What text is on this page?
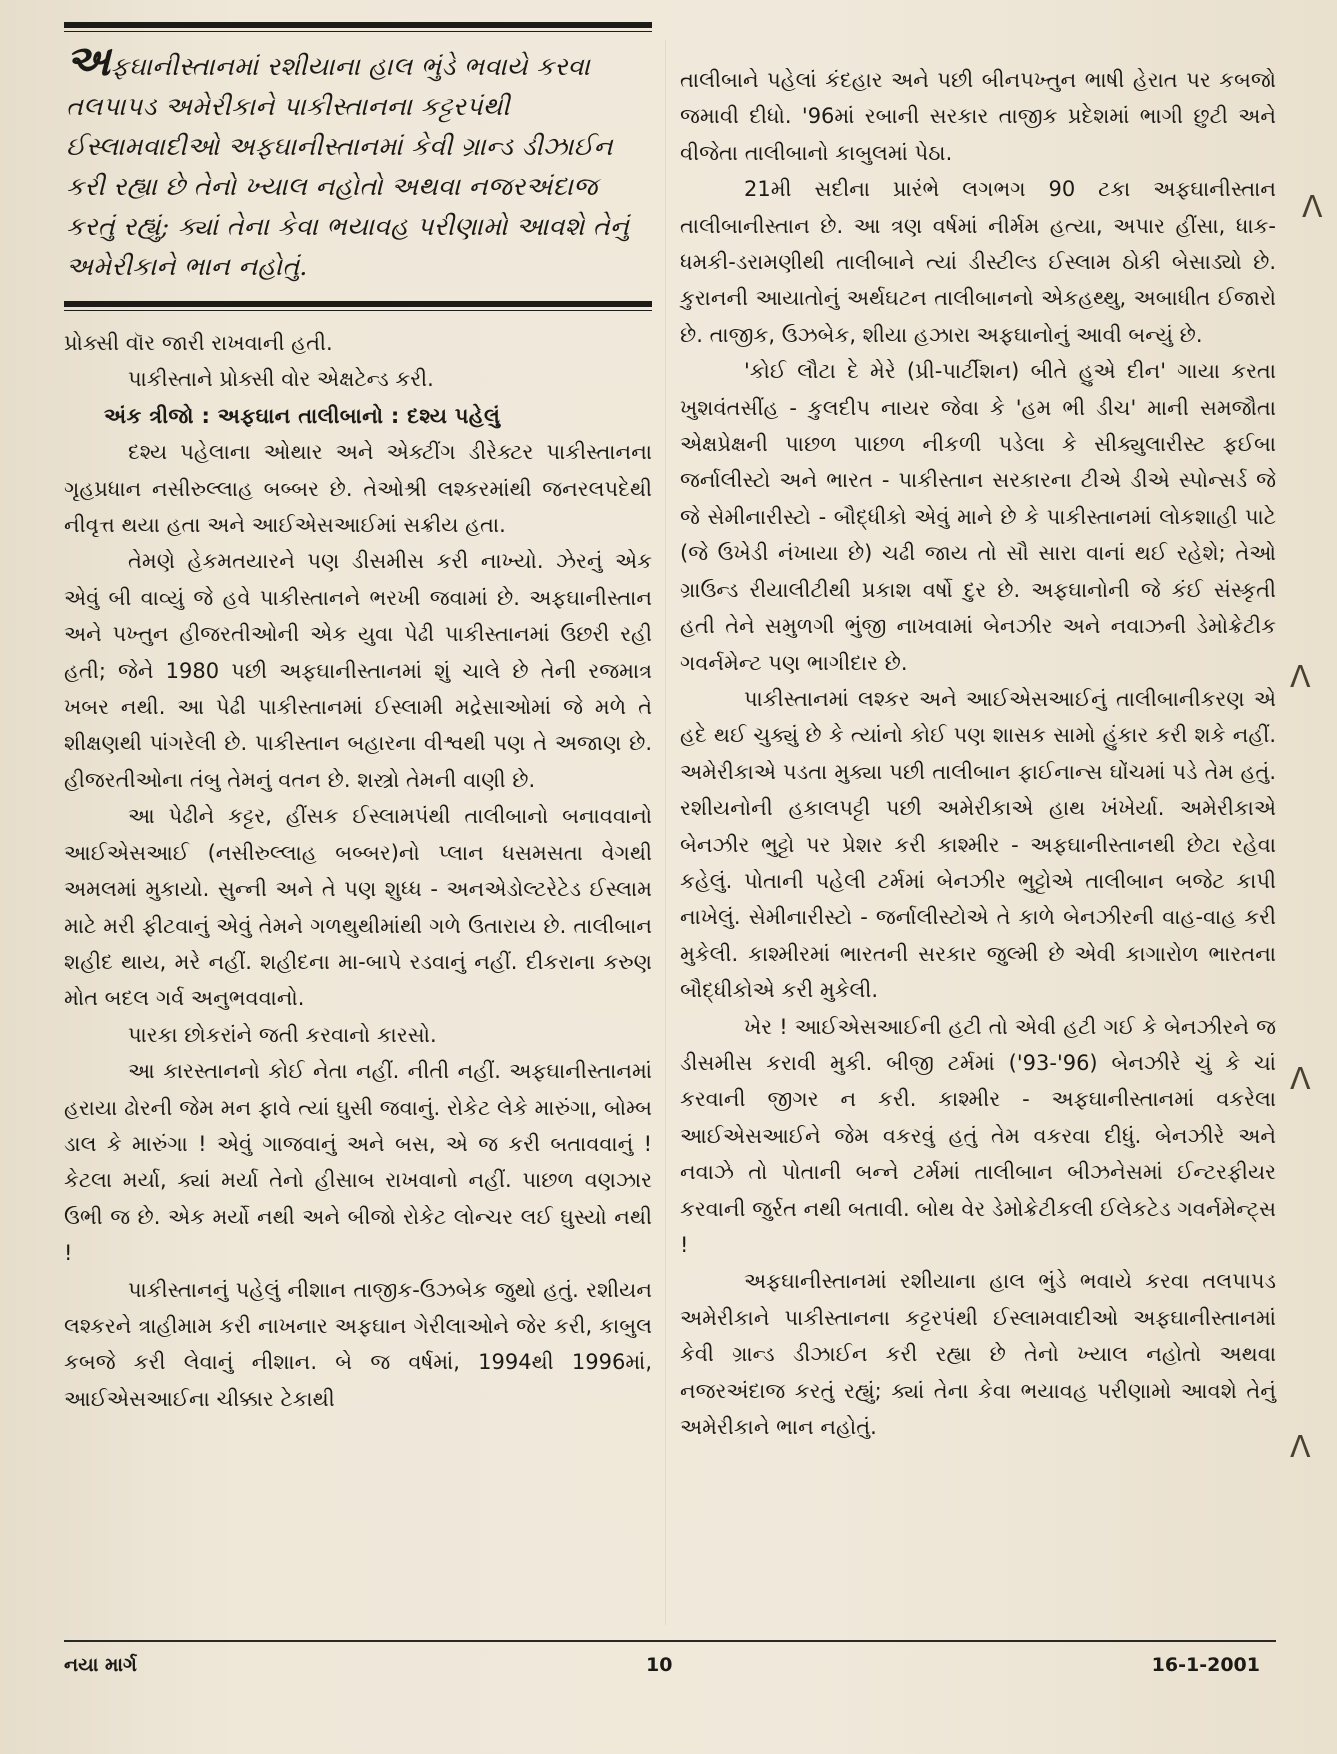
અફઘાનીસ્તાનમાં રશીયાના હાલ ભુંડે ભવાયે કરવા તલપાપડ અમેરીકાને પાકીસ્તાનના કટ્ટરપંથી ઈસ્લામવાદીઓ અફઘાનીસ્તાનમાં કેવી ગ્રાન્ડ ડીઝાઈન કરી રહ્યા છે તેનો ખ્યાલ નહોતો અથવા નજરઅંદાજ કરતું રહ્યું; ક્યાં તેના કેવા ભયાવહ પરીણામો આવશે તેનું અમેરીકાને ભાન નહોતું.

પ્રોક્સી વૉર જારી રાખવાની હતી.

પાકીસ્તાને પ્રોક્સી વોર એક્ષટેન્ડ કરી.

અંક ત્રીજો : અફઘાન તાલીબાનો : દશ્ય પહેલું

દશ્ય પહેલાના ઓથાર અને એક્ટીંગ ડીરેક્ટર પાકીસ્તાનના ગૃહપ્રધાન નસીરુલ્લાહ બબ્બર છે. તેઓશ્રી લશ્કરમાંથી જનરલપદેથી નીવૃત્ત થયા હતા અને આઈએસઆઈમાં સક્રીય હતા.

તેમણે હેકમતયારને પણ ડીસમીસ કરી નાખ્યો. ઝેરનું એક એવું બી વાવ્યું જે હવે પાકીસ્તાનને ભરખી જવામાં છે. અફઘાનીસ્તાન અને પખ્તુન હીજરતીઓની એક યુવા પેઢી પાકીસ્તાનમાં ઉછરી રહી હતી; જેને 1980 પછી અફઘાનીસ્તાનમાં શું ચાલે છે તેની રજમાત્ર ખબર નથી. આ પેઢી પાકીસ્તાનમાં ઈસ્લામી મદ્રેસાઓમાં જે મળે તે શીક્ષણથી પાંગરેલી છે. પાકીસ્તાન બહારના વીશ્વથી પણ તે અજાણ છે. હીજરતીઓના તંબુ તેમનું વતન છે. શસ્ત્રો તેમની વાણી છે.

આ પેઢીને કટ્ટર, હીંસક ઈસ્લામપંથી તાલીબાનો બનાવવાનો આઈએસઆઈ (નસીરુલ્લાહ બબ્બર)નો પ્લાન ધસમસતા વેગથી અમલમાં મુકાયો. સુન્ની અને તે પણ શુધ્ધ - અનએડોલ્ટરેટેડ ઈસ્લામ માટે મરી ફીટવાનું એવું તેમને ગળથુથીમાંથી ગળે ઉતારાય છે. તાલીબાન શહીદ થાય, મરે નહીં. શહીદના મા-બાપે રડવાનું નહીં. દીકરાના કરુણ મોત બદલ ગર્વ અનુભવવાનો.

પારકા છોકરાંને જતી કરવાનો કારસો.

આ કારસ્તાનનો કોઈ નેતા નહીં. નીતી નહીં. અફઘાનીસ્તાનમાં હરાયા ઢોરની જેમ મન ફાવે ત્યાં ઘુસી જવાનું. રોકેટ લેકે મારુંગા, બોમ્બ ડાલ કે મારુંગા ! એવું ગાજવાનું અને બસ, એ જ કરી બતાવવાનું ! કેટલા મર્યા, ક્યાં મર્યા તેનો હીસાબ રાખવાનો નહીં. પાછળ વણઝાર ઉભી જ છે. એક મર્યો નથી અને બીજો રોકેટ લોન્ચર લઈ ઘુસ્યો નથી !

પાકીસ્તાનનું પહેલું નીશાન તાજીક-ઉઝબેક જુથો હતું. રશીયન લશ્કરને ત્રાહીમામ કરી નાખનાર અફઘાન ગેરીલાઓને જેર કરી, કાબુલ કબજે કરી લેવાનું નીશાન. બે જ વર્ષમાં, 1994થી 1996માં, આઈએસઆઈના ચીક્કાર ટેકાથી

તાલીબાને પહેલાં કંદહાર અને પછી બીનપખ્તુન ભાષી હેરાત પર કબજો જમાવી દીધો. '96માં રબાની સરકાર તાજીક પ્રદેશમાં ભાગી છુટી અને વીજેતા તાલીબાનો કાબુલમાં પેઠા.

21મી સદીના પ્રારંભે લગભગ 90 ટકા અફઘાનીસ્તાન તાલીબાનીસ્તાન છે. આ ત્રણ વર્ષમાં નીર્મમ હત્યા, અપાર હીંસા, ધાક-ધમકી-ડરામણીથી તાલીબાને ત્યાં ડીસ્ટીલ્ડ ઈસ્લામ ઠોકી બેસાડ્યો છે. કુરાનની આયાતોનું અર્થઘટન તાલીબાનનો એકહથ્થુ, અબાધીત ઈજારો છે. તાજીક, ઉઝબેક, શીયા હઝારા અફઘાનોનું આવી બન્યું છે.

'કોઈ લૌટા દે મેરે (પ્રી-પાર્ટીશન) બીતે હુએ દીન' ગાયા કરતા ખુશવંતસીંહ - કુલદીપ નાયર જેવા કે 'હમ ભી ડીચ' માની સમજૌતા એક્ષપ્રેક્ષની પાછળ પાછળ નીકળી પડેલા કે સીક્યુલારીસ્ટ ફઈબા જર્નાલીસ્ટો અને ભારત - પાકીસ્તાન સરકારના ટીએ ડીએ સ્પોન્સર્ડ જે જે સેમીનારીસ્ટો - બૌદ્ધીકો એવું માને છે કે પાકીસ્તાનમાં લોકશાહી પાટે (જે ઉખેડી નંખાયા છે) ચઢી જાય તો સૌ સારા વાનાં થઈ રહેશે; તેઓ ગ્રાઉન્ડ રીયાલીટીથી પ્રકાશ વર્ષો દુર છે. અફઘાનોની જે કંઈ સંસ્કૃતી હતી તેને સમુળગી ભુંજી નાખવામાં બેનઝીર અને નવાઝની ડેમોક્રેટીક ગવર્નમેન્ટ પણ ભાગીદાર છે.

પાકીસ્તાનમાં લશ્કર અને આઈએસઆઈનું તાલીબાનીકરણ એ હદે થઈ ચુક્યું છે કે ત્યાંનો કોઈ પણ શાસક સામો હુંકાર કરી શકે નહીં. અમેરીકાએ પડતા મુક્યા પછી તાલીબાન ફાઈનાન્સ ઘોંચમાં પડે તેમ હતું. રશીયનોની હકાલપટ્ટી પછી અમેરીકાએ હાથ ખંખેર્યા. અમેરીકાએ બેનઝીર ભુટ્ટો પર પ્રેશર કરી કાશ્મીર - અફઘાનીસ્તાનથી છેટા રહેવા કહેલું. પોતાની પહેલી ટર્મમાં બેનઝીર ભુટ્ટોએ તાલીબાન બજેટ કાપી નાખેલું. સેમીનારીસ્ટો - જર્નાલીસ્ટોએ તે કાળે બેનઝીરની વાહ-વાહ કરી મુકેલી. કાશ્મીરમાં ભારતની સરકાર જુલ્મી છે એવી કાગારોળ ભારતના બૌદ્ધીકોએ કરી મુકેલી.

ખેર ! આઈએસઆઈની હટી તો એવી હટી ગઈ કે બેનઝીરને જ ડીસમીસ કરાવી મુકી. બીજી ટર્મમાં ('93-'96) બેનઝીરે ચું કે ચાં કરવાની જીગર ન કરી. કાશ્મીર - અફઘાનીસ્તાનમાં વકરેલા આઈએસઆઈને જેમ વકરવું હતું તેમ વકરવા દીધું. બેનઝીરે અને નવાઝે તો પોતાની બન્ને ટર્મમાં તાલીબાન બીઝનેસમાં ઈન્ટરફીયર કરવાની જુર્રત નથી બતાવી. બોથ વેર ડેમોક્રેટીકલી ઈલેકટેડ ગવર્નમેન્ટ્સ !

અફઘાનીસ્તાનમાં રશીયાના હાલ ભુંડે ભવાયે કરવા તલપાપડ અમેરીકાને પાકીસ્તાનના કટ્ટરપંથી ઈસ્લામવાદીઓ અફઘાનીસ્તાનમાં કેવી ગ્રાન્ડ ડીઝાઈન કરી રહ્યા છે તેનો ખ્યાલ નહોતો અથવા નજરઅંદાજ કરતું રહ્યું; ક્યાં તેના કેવા ભયાવહ પરીણામો આવશે તેનું અમેરીકાને ભાન નહોતું.

ᐱ
ᐱ
ᐱ
ᐱ
નયા માર્ગ	10	16-1-2001
